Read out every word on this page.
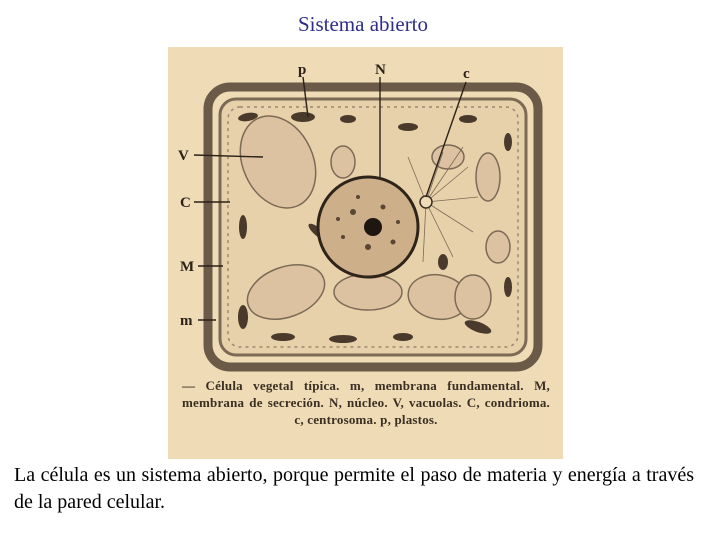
Sistema abierto
p	N	c
V
C
M
m
— Célula vegetal típica. m, membrana fundamental. M, membrana de secreción. N, núcleo. V, vacuolas. C, condrioma. c, centrosoma. p, plastos.
La célula es un sistema abierto, porque permite el paso de materia y energía a través de la pared celular.
